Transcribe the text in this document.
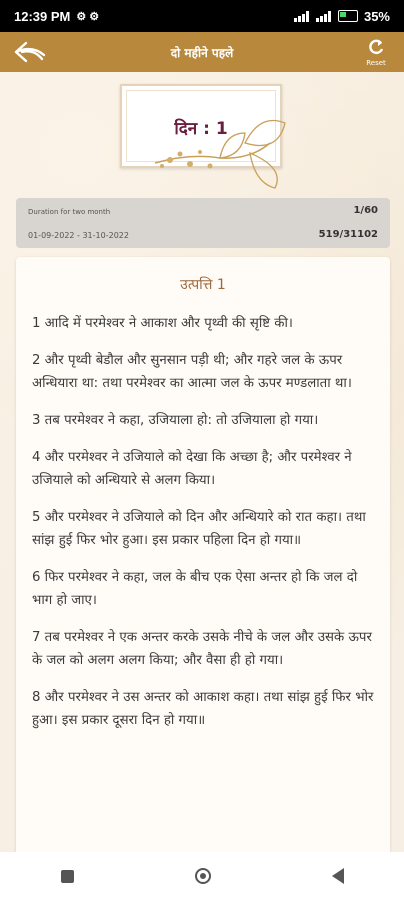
12:39 PM ⚙ ⚙	35%
दो महीने पहले
Reset
दिन : 1
Duration for two month
01-09-2022 - 31-10-2022
1/60
519/31102
उत्पत्ति 1

1 आदि में परमेश्वर ने आकाश और पृथ्वी की सृष्टि की।

2 और पृथ्वी बेडौल और सुनसान पड़ी थी; और गहरे जल के ऊपर अन्धियारा था: तथा परमेश्वर का आत्मा जल के ऊपर मण्डलाता था।

3 तब परमेश्वर ने कहा, उजियाला हो: तो उजियाला हो गया।

4 और परमेश्वर ने उजियाले को देखा कि अच्छा है; और परमेश्वर ने उजियाले को अन्धियारे से अलग किया।

5 और परमेश्वर ने उजियाले को दिन और अन्धियारे को रात कहा। तथा सांझ हुई फिर भोर हुआ। इस प्रकार पहिला दिन हो गया॥

6 फिर परमेश्वर ने कहा, जल के बीच एक ऐसा अन्तर हो कि जल दो भाग हो जाए।

7 तब परमेश्वर ने एक अन्तर करके उसके नीचे के जल और उसके ऊपर के जल को अलग अलग किया; और वैसा ही हो गया।

8 और परमेश्वर ने उस अन्तर को आकाश कहा। तथा सांझ हुई फिर भोर हुआ। इस प्रकार दूसरा दिन हो गया॥
